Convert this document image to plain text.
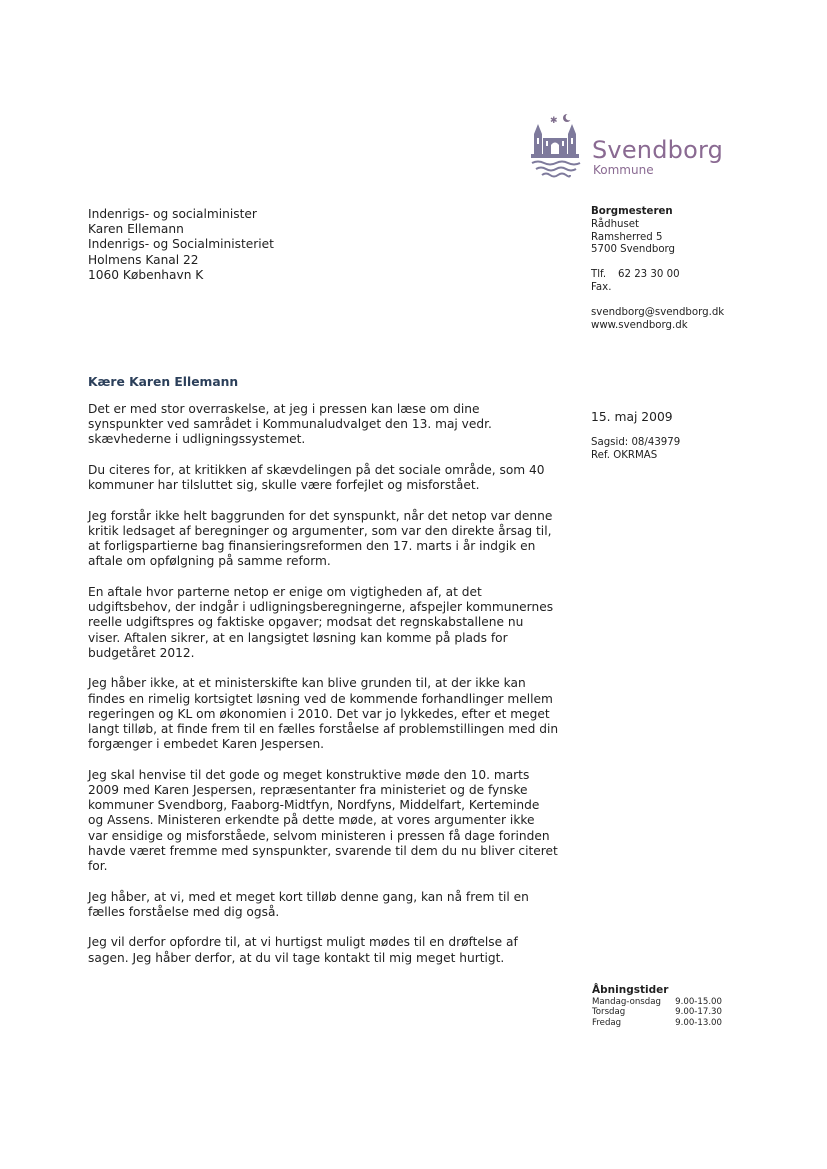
✱
Svendborg
Kommune
Indenrigs- og socialminister
Karen Ellemann
Indenrigs- og Socialministeriet
Holmens Kanal 22
1060 København K
Borgmesteren
Rådhuset
Ramsherred 5
5700 Svendborg
Tlf. 62 23 30 00
Fax.
svendborg@svendborg.dk
www.svendborg.dk
15. maj 2009
Sagsid: 08/43979
Ref. OKRMAS
Kære Karen Ellemann

Det er med stor overraskelse, at jeg i pressen kan læse om dine
synspunkter ved samrådet i Kommunaludvalget den 13. maj vedr.
skævhederne i udligningssystemet.

Du citeres for, at kritikken af skævdelingen på det sociale område, som 40
kommuner har tilsluttet sig, skulle være forfejlet og misforstået.

Jeg forstår ikke helt baggrunden for det synspunkt, når det netop var denne
kritik ledsaget af beregninger og argumenter, som var den direkte årsag til,
at forligspartierne bag finansieringsreformen den 17. marts i år indgik en
aftale om opfølgning på samme reform.

En aftale hvor parterne netop er enige om vigtigheden af, at det
udgiftsbehov, der indgår i udligningsberegningerne, afspejler kommunernes
reelle udgiftspres og faktiske opgaver; modsat det regnskabstallene nu
viser. Aftalen sikrer, at en langsigtet løsning kan komme på plads for
budgetåret 2012.

Jeg håber ikke, at et ministerskifte kan blive grunden til, at der ikke kan
findes en rimelig kortsigtet løsning ved de kommende forhandlinger mellem
regeringen og KL om økonomien i 2010. Det var jo lykkedes, efter et meget
langt tilløb, at finde frem til en fælles forståelse af problemstillingen med din
forgænger i embedet Karen Jespersen.

Jeg skal henvise til det gode og meget konstruktive møde den 10. marts
2009 med Karen Jespersen, repræsentanter fra ministeriet og de fynske
kommuner Svendborg, Faaborg-Midtfyn, Nordfyns, Middelfart, Kerteminde
og Assens. Ministeren erkendte på dette møde, at vores argumenter ikke
var ensidige og misforståede, selvom ministeren i pressen få dage forinden
havde været fremme med synspunkter, svarende til dem du nu bliver citeret
for.

Jeg håber, at vi, med et meget kort tilløb denne gang, kan nå frem til en
fælles forståelse med dig også.

Jeg vil derfor opfordre til, at vi hurtigst muligt mødes til en drøftelse af
sagen. Jeg håber derfor, at du vil tage kontakt til mig meget hurtigt.

Åbningstider
Mandag-onsdag 9.00-15.00
Torsdag	9.00-17.30
Fredag	9.00-13.00
